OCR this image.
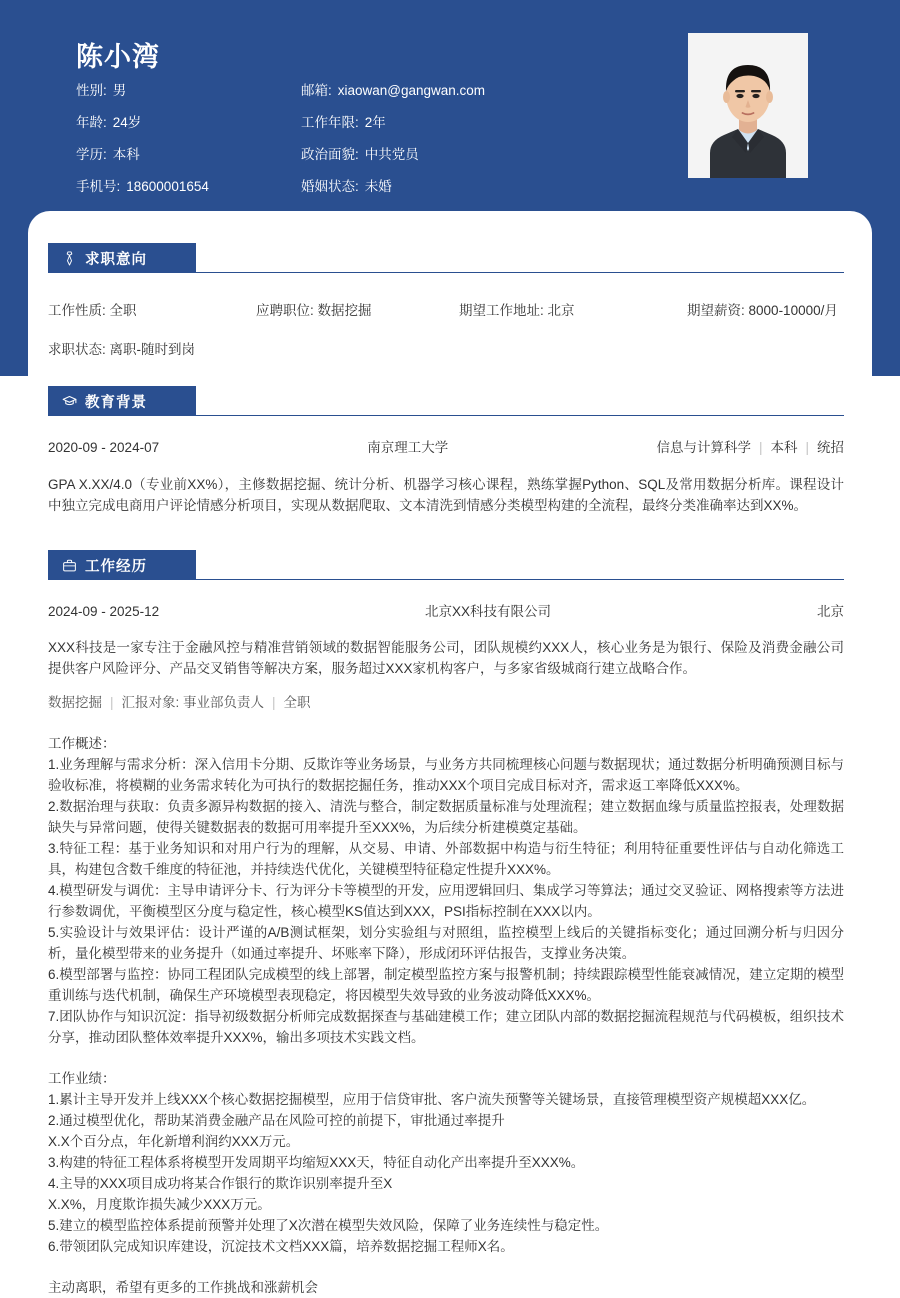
陈小湾
性别: 男	邮箱: xiaowan@gangwan.com
年龄: 24岁	工作年限: 2年
学历: 本科	政治面貌: 中共党员
手机号: 18600001654	婚姻状态: 未婚
求职意向
工作性质: 全职	应聘职位: 数据挖掘	期望工作地址: 北京	期望薪资: 8000-10000/月
求职状态: 离职-随时到岗
教育背景
2020-09 - 2024-07	南京理工大学	信息与计算科学 | 本科 | 统招

GPA X.XX/4.0（专业前XX%），主修数据挖掘、统计分析、机器学习核心课程，熟练掌握Python、SQL及常用数据分析库。课程设计中独立完成电商用户评论情感分析项目，实现从数据爬取、文本清洗到情感分类模型构建的全流程，最终分类准确率达到XX%。

工作经历
2024-09 - 2025-12	北京XX科技有限公司	北京

XXX科技是一家专注于金融风控与精准营销领域的数据智能服务公司，团队规模约XXX人，核心业务是为银行、保险及消费金融公司提供客户风险评分、产品交叉销售等解决方案，服务超过XXX家机构客户，与多家省级城商行建立战略合作。

数据挖掘 | 汇报对象: 事业部负责人 | 全职

工作概述：

1.业务理解与需求分析：深入信用卡分期、反欺诈等业务场景，与业务方共同梳理核心问题与数据现状；通过数据分析明确预测目标与验收标准，将模糊的业务需求转化为可执行的数据挖掘任务，推动XXX个项目完成目标对齐，需求返工率降低XXX%。

2.数据治理与获取：负责多源异构数据的接入、清洗与整合，制定数据质量标准与处理流程；建立数据血缘与质量监控报表，处理数据缺失与异常问题，使得关键数据表的数据可用率提升至XXX%，为后续分析建模奠定基础。

3.特征工程：基于业务知识和对用户行为的理解，从交易、申请、外部数据中构造与衍生特征；利用特征重要性评估与自动化筛选工具，构建包含数千维度的特征池，并持续迭代优化，关键模型特征稳定性提升XXX%。

4.模型研发与调优：主导申请评分卡、行为评分卡等模型的开发，应用逻辑回归、集成学习等算法；通过交叉验证、网格搜索等方法进行参数调优，平衡模型区分度与稳定性，核心模型KS值达到XXX，PSI指标控制在XXX以内。

5.实验设计与效果评估：设计严谨的A/B测试框架，划分实验组与对照组，监控模型上线后的关键指标变化；通过回溯分析与归因分析，量化模型带来的业务提升（如通过率提升、坏账率下降），形成闭环评估报告，支撑业务决策。

6.模型部署与监控：协同工程团队完成模型的线上部署，制定模型监控方案与报警机制；持续跟踪模型性能衰减情况，建立定期的模型重训练与迭代机制，确保生产环境模型表现稳定，将因模型失效导致的业务波动降低XXX%。

7.团队协作与知识沉淀：指导初级数据分析师完成数据探查与基础建模工作；建立团队内部的数据挖掘流程规范与代码模板，组织技术分享，推动团队整体效率提升XXX%，输出多项技术实践文档。

工作业绩：

1.累计主导开发并上线XXX个核心数据挖掘模型，应用于信贷审批、客户流失预警等关键场景，直接管理模型资产规模超XXX亿。

2.通过模型优化，帮助某消费金融产品在风险可控的前提下，审批通过率提升

X.X个百分点，年化新增利润约XXX万元。

3.构建的特征工程体系将模型开发周期平均缩短XXX天，特征自动化产出率提升至XXX%。

4.主导的XXX项目成功将某合作银行的欺诈识别率提升至X

X.X%，月度欺诈损失减少XXX万元。

5.建立的模型监控体系提前预警并处理了X次潜在模型失效风险，保障了业务连续性与稳定性。

6.带领团队完成知识库建设，沉淀技术文档XXX篇，培养数据挖掘工程师X名。

主动离职，希望有更多的工作挑战和涨薪机会
